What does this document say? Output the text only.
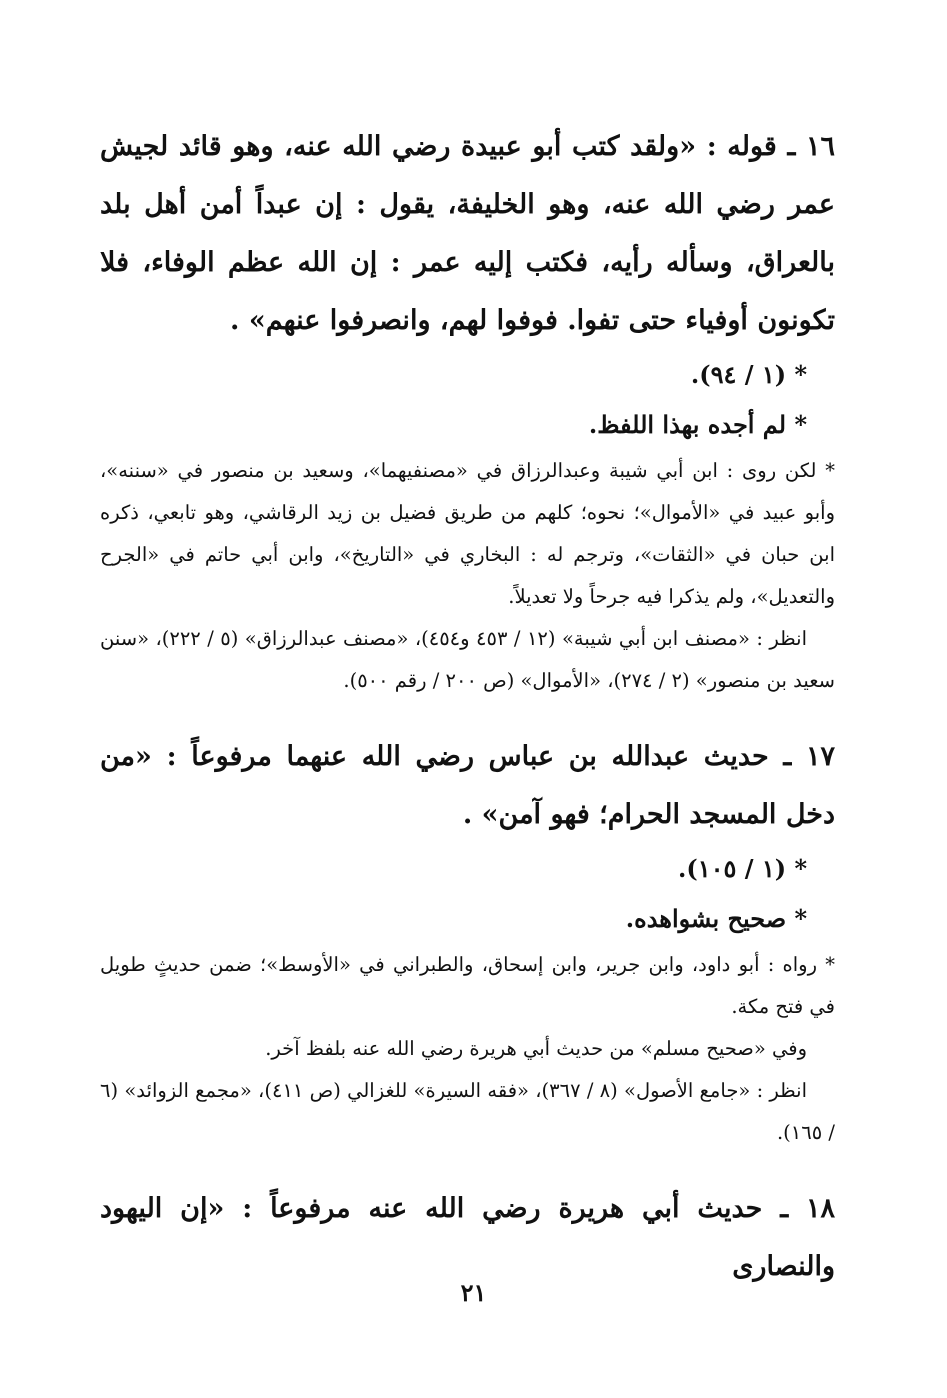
١٦ ـ قوله : «ولقد كتب أبو عبيدة رضي الله عنه، وهو قائد لجيش عمر رضي الله عنه، وهو الخليفة، يقول : إن عبداً أمن أهل بلد بالعراق، وسأله رأيه، فكتب إليه عمر : إن الله عظم الوفاء، فلا تكونون أوفياء حتى تفوا. فوفوا لهم، وانصرفوا عنهم» .

* (١ / ٩٤).

* لم أجده بهذا اللفظ.

* لكن روى : ابن أبي شيبة وعبدالرزاق في «مصنفيهما»، وسعيد بن منصور في «سننه»، وأبو عبيد في «الأموال»؛ نحوه؛ كلهم من طريق فضيل بن زيد الرقاشي، وهو تابعي، ذكره ابن حبان في «الثقات»، وترجم له : البخاري في «التاريخ»، وابن أبي حاتم في «الجرح والتعديل»، ولم يذكرا فيه جرحاً ولا تعديلاً.

انظر : «مصنف ابن أبي شيبة» (١٢ / ٤٥٣ و٤٥٤)، «مصنف عبدالرزاق» (٥ / ٢٢٢)، «سنن سعيد بن منصور» (٢ / ٢٧٤)، «الأموال» (ص ٢٠٠ / رقم ٥٠٠).

١٧ ـ حديث عبدالله بن عباس رضي الله عنهما مرفوعاً : «من دخل المسجد الحرام؛ فهو آمن» .

* (١ / ١٠٥).

* صحيح بشواهده.

* رواه : أبو داود، وابن جرير، وابن إسحاق، والطبراني في «الأوسط»؛ ضمن حديثٍ طويل في فتح مكة.

وفي «صحيح مسلم» من حديث أبي هريرة رضي الله عنه بلفظ آخر.

انظر : «جامع الأصول» (٨ / ٣٦٧)، «فقه السيرة» للغزالي (ص ٤١١)، «مجمع الزوائد» (٦ / ١٦٥).

١٨ ـ حديث أبي هريرة رضي الله عنه مرفوعاً : «إن اليهود والنصارى

٢١
